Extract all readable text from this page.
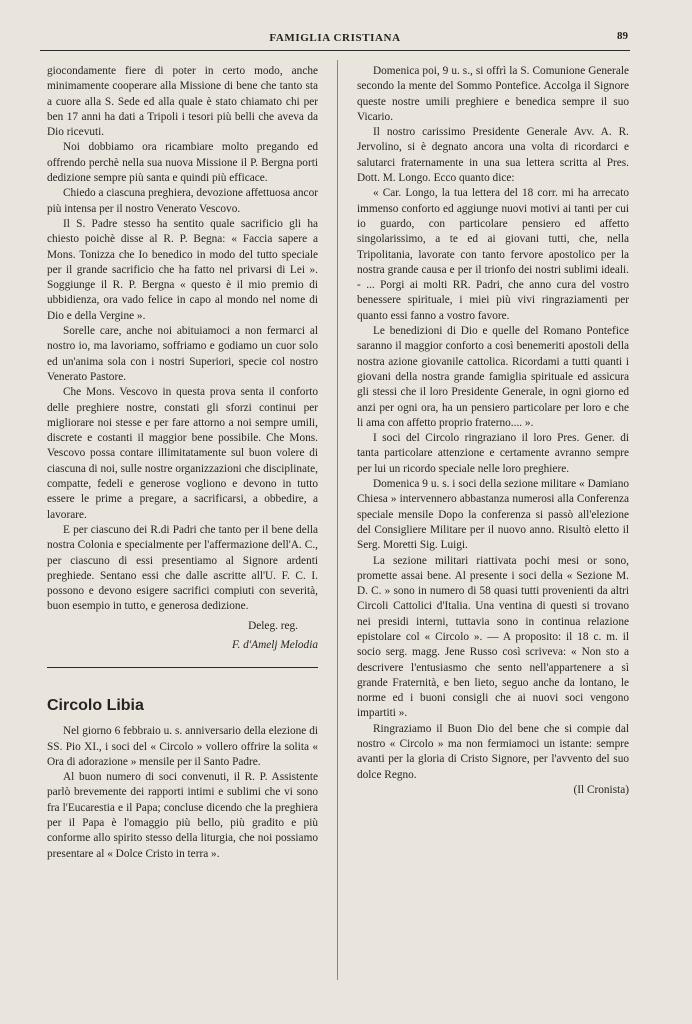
FAMIGLIA CRISTIANA	89

giocondamente fiere di poter in certo modo, anche minimamente cooperare alla Missione di bene che tanto sta a cuore alla S. Sede ed alla quale è stato chiamato chi per ben 17 anni ha dati a Tripoli i tesori più belli che aveva da Dio ricevuti.

Noi dobbiamo ora ricambiare molto pregando ed offrendo perchè nella sua nuova Missione il P. Bergna porti dedizione sempre più santa e quindi più efficace.

Chiedo a ciascuna preghiera, devozione affettuosa ancor più intensa per il nostro Venerato Vescovo.

Il S. Padre stesso ha sentito quale sacrificio gli ha chiesto poichè disse al R. P. Begna: « Faccia sapere a Mons. Tonizza che Io benedico in modo del tutto speciale per il grande sacrificio che ha fatto nel privarsi di Lei ». Soggiunge il R. P. Bergna « questo è il mio premio di ubbidienza, ora vado felice in capo al mondo nel nome di Dio e della Vergine ».

Sorelle care, anche noi abituiamoci a non fermarci al nostro io, ma lavoriamo, soffriamo e godiamo un cuor solo ed un'anima sola con i nostri Superiori, specie col nostro Venerato Pastore.

Che Mons. Vescovo in questa prova senta il conforto delle preghiere nostre, constati gli sforzi continui per migliorare noi stesse e per fare attorno a noi sempre umili, discrete e costanti il maggior bene possibile. Che Mons. Vescovo possa contare illimitatamente sul buon volere di ciascuna di noi, sulle nostre organizzazioni che disciplinate, compatte, fedeli e generose vogliono e devono in tutto essere le prime a pregare, a sacrificarsi, a obbedire, a lavorare.

E per ciascuno dei R.di Padri che tanto per il bene della nostra Colonia e specialmente per l'affermazione dell'A. C., per ciascuno di essi presentiamo al Signore ardenti preghiede. Sentano essi che dalle ascritte all'U. F. C. I. possono e devono esigere sacrifici compiuti con severità, buon esempio in tutto, e generosa dedizione.

Deleg. reg.
F. d'Amelj Melodia
Circolo Libia

Nel giorno 6 febbraio u. s. anniversario della elezione di SS. Pio XI., i soci del « Circolo » vollero offrire la solita « Ora di adorazione » mensile per il Santo Padre.

Al buon numero di soci convenuti, il R. P. Assistente parlò brevemente dei rapporti intimi e sublimi che vi sono fra l'Eucarestia e il Papa; concluse dicendo che la preghiera per il Papa è l'omaggio più bello, più gradito e più conforme allo spirito stesso della liturgia, che noi possiamo presentare al « Dolce Cristo in terra ».

Domenica poi, 9 u. s., si offrì la S. Comunione Generale secondo la mente del Sommo Pontefice. Accolga il Signore queste nostre umili preghiere e benedica sempre il suo Vicario.

Il nostro carissimo Presidente Generale Avv. A. R. Jervolino, si è degnato ancora una volta di ricordarci e salutarci fraternamente in una sua lettera scritta al Pres. Dott. M. Longo. Ecco quanto dice:

« Car. Longo, la tua lettera del 18 corr. mi ha arrecato immenso conforto ed aggiunge nuovi motivi ai tanti per cui io guardo, con particolare pensiero ed affetto singolarissimo, a te ed ai giovani tutti, che, nella Tripolitania, lavorate con tanto fervore apostolico per la nostra grande causa e per il trionfo dei nostri sublimi ideali. - ... Porgi ai molti RR. Padri, che anno cura del vostro benessere spirituale, i miei più vivi ringraziamenti per quanto essi fanno a vostro favore.

Le benedizioni di Dio e quelle del Romano Pontefice saranno il maggior conforto a così benemeriti apostoli della nostra azione giovanile cattolica. Ricordami a tutti quanti i giovani della nostra grande famiglia spirituale ed assicura gli stessi che il loro Presidente Generale, in ogni giorno ed anzi per ogni ora, ha un pensiero particolare per loro e che li ama con affetto proprio fraterno.... ».

I soci del Circolo ringraziano il loro Pres. Gener. di tanta particolare attenzione e certamente avranno sempre per lui un ricordo speciale nelle loro preghiere.

Domenica 9 u. s. i soci della sezione militare « Damiano Chiesa » intervennero abbastanza numerosi alla Conferenza speciale mensile Dopo la conferenza si passò all'elezione del Consigliere Militare per il nuovo anno. Risultò eletto il Serg. Moretti Sig. Luigi.

La sezione militari riattivata pochi mesi or sono, promette assai bene. Al presente i soci della « Sezione M. D. C. » sono in numero di 58 quasi tutti provenienti da altri Circoli Cattolici d'Italia. Una ventina di questi si trovano nei presidi interni, tuttavia sono in continua relazione epistolare col « Circolo ». — A proposito: il 18 c. m. il socio serg. magg. Jene Russo così scriveva: « Non sto a descrivere l'entusiasmo che sento nell'appartenere a sì grande Fraternità, e ben lieto, seguo anche da lontano, le norme ed i buoni consigli che ai nuovi soci vengono impartiti ».

Ringraziamo il Buon Dio del bene che si compie dal nostro « Circolo » ma non fermiamoci un istante: sempre avanti per la gloria di Cristo Signore, per l'avvento del suo dolce Regno.

(Il Cronista)
